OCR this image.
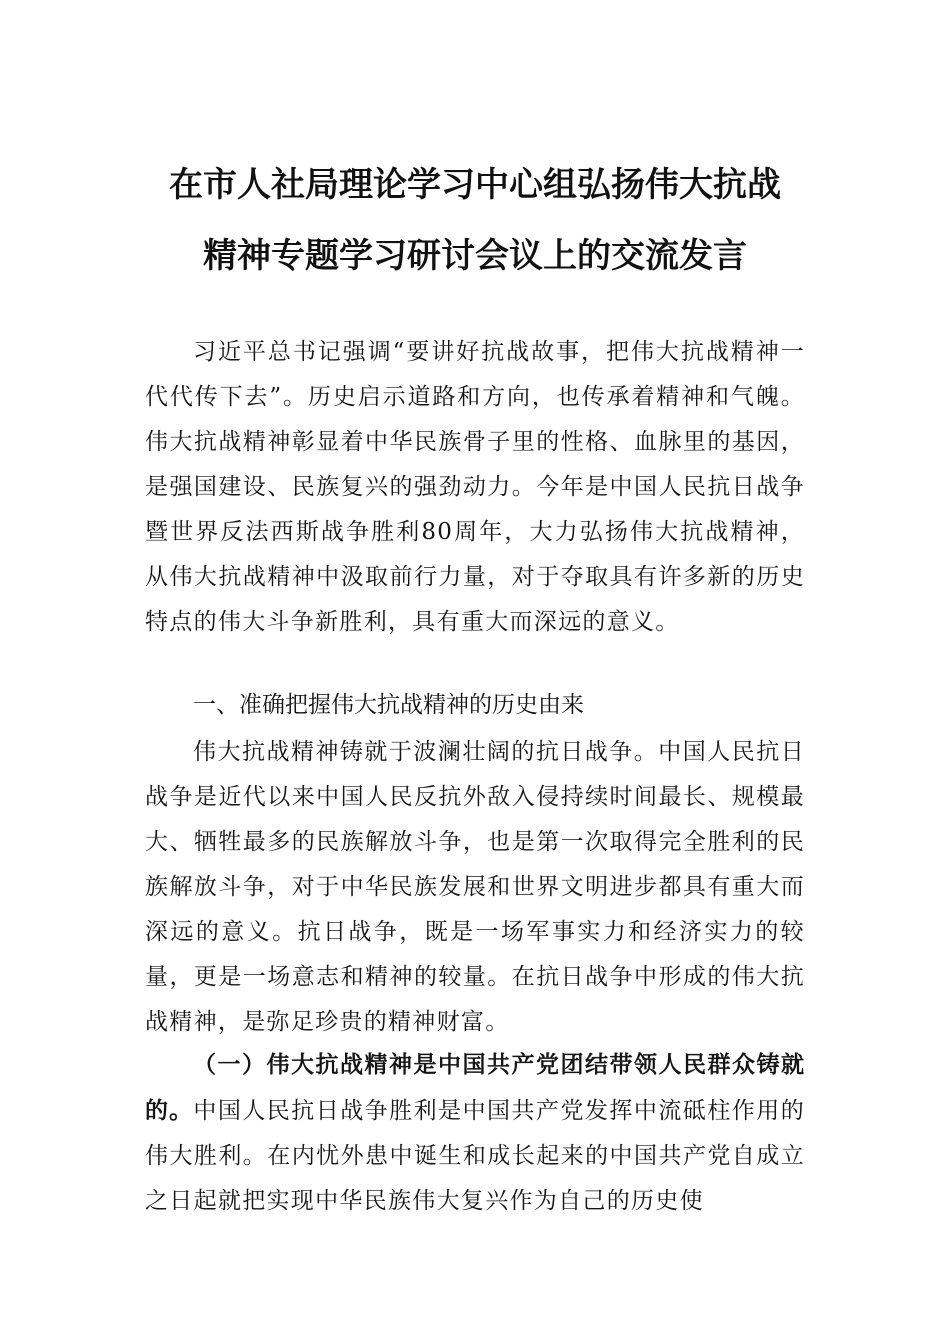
在市人社局理论学习中心组弘扬伟大抗战
精神专题学习研讨会议上的交流发言
习近平总书记强调“要讲好抗战故事，把伟大抗战精神一代代传下去”。历史启示道路和方向，也传承着精神和气魄。伟大抗战精神彰显着中华民族骨子里的性格、血脉里的基因，是强国建设、民族复兴的强劲动力。今年是中国人民抗日战争暨世界反法西斯战争胜利80周年，大力弘扬伟大抗战精神，从伟大抗战精神中汲取前行力量，对于夺取具有许多新的历史特点的伟大斗争新胜利，具有重大而深远的意义。
一、准确把握伟大抗战精神的历史由来
伟大抗战精神铸就于波澜壮阔的抗日战争。中国人民抗日战争是近代以来中国人民反抗外敌入侵持续时间最长、规模最大、牺牲最多的民族解放斗争，也是第一次取得完全胜利的民族解放斗争，对于中华民族发展和世界文明进步都具有重大而深远的意义。抗日战争，既是一场军事实力和经济实力的较量，更是一场意志和精神的较量。在抗日战争中形成的伟大抗战精神，是弥足珍贵的精神财富。
（一）伟大抗战精神是中国共产党团结带领人民群众铸就的。中国人民抗日战争胜利是中国共产党发挥中流砥柱作用的伟大胜利。在内忧外患中诞生和成长起来的中国共产党自成立之日起就把实现中华民族伟大复兴作为自己的历史使
